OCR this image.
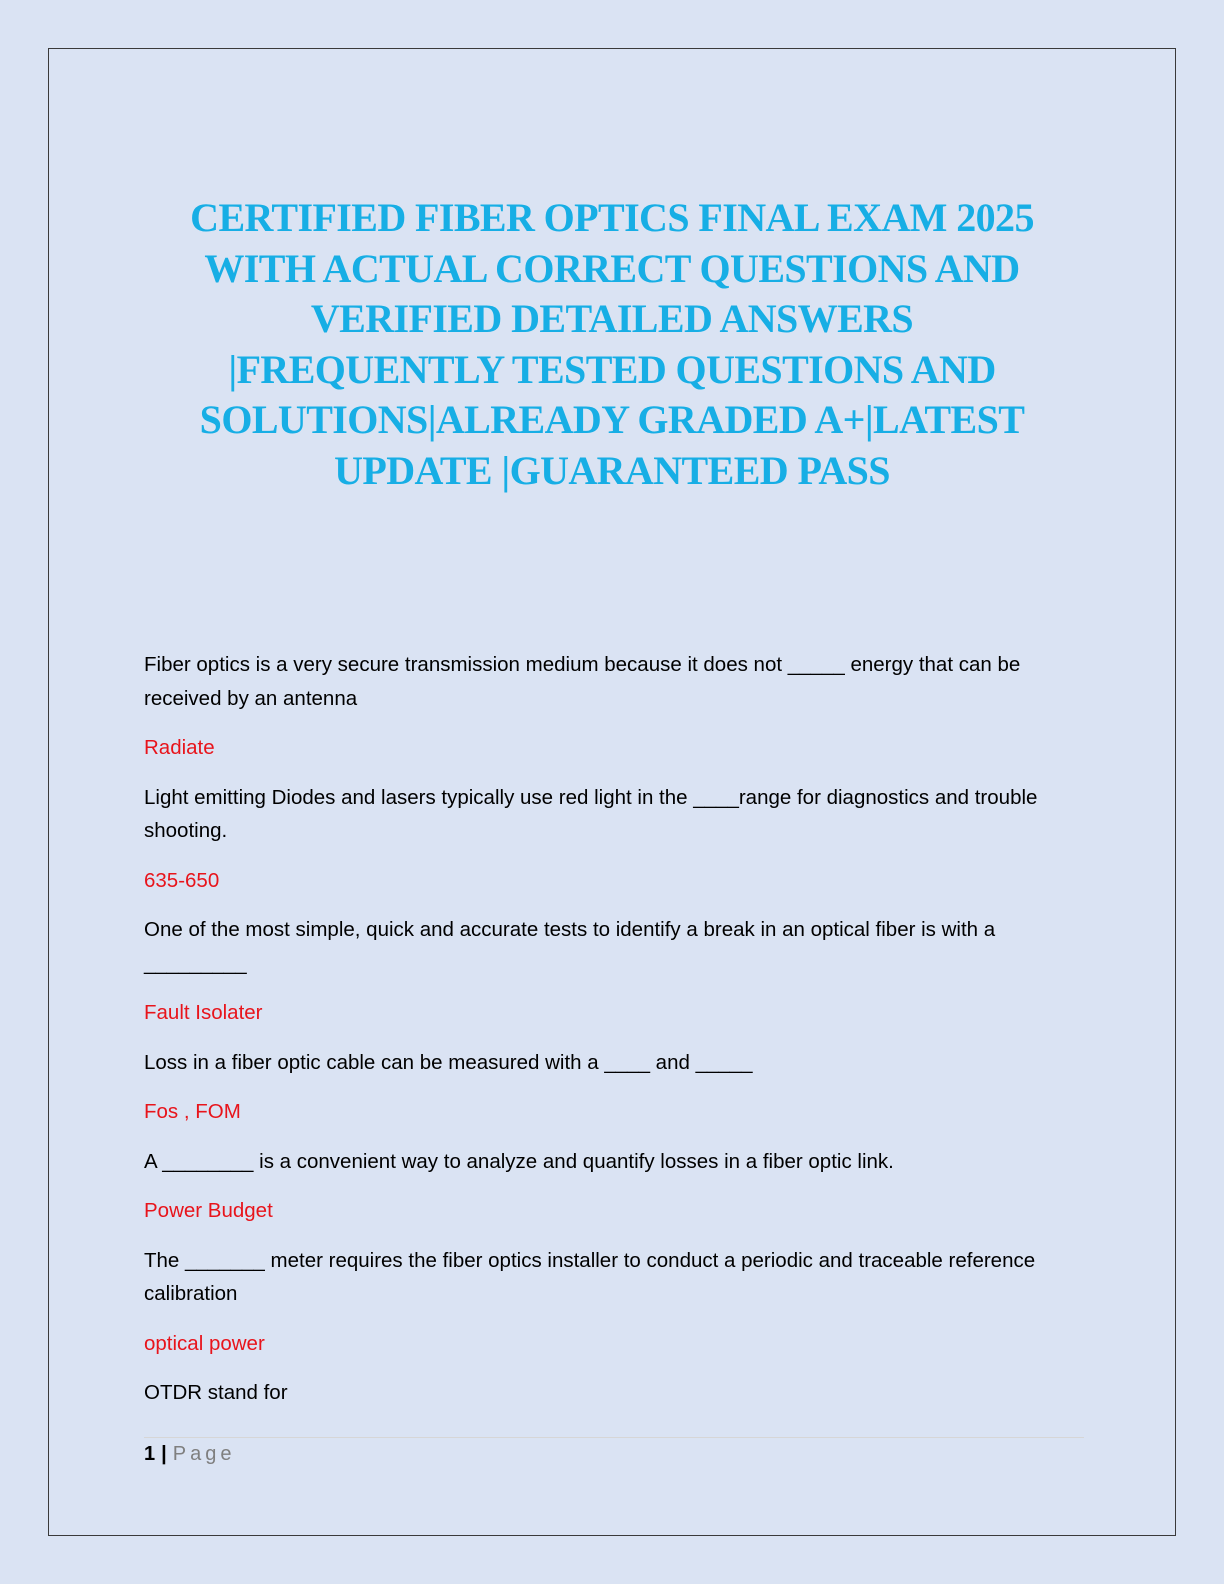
CERTIFIED FIBER OPTICS FINAL EXAM 2025
WITH ACTUAL CORRECT QUESTIONS AND
VERIFIED DETAILED ANSWERS
|FREQUENTLY TESTED QUESTIONS AND
SOLUTIONS|ALREADY GRADED A+|LATEST
UPDATE |GUARANTEED PASS

Fiber optics is a very secure transmission medium because it does not _____ energy that can be received by an antenna

Radiate

Light emitting Diodes and lasers typically use red light in the ____range for diagnostics and trouble shooting.

635-650

One of the most simple, quick and accurate tests to identify a break in an optical fiber is with a _________

Fault Isolater

Loss in a fiber optic cable can be measured with a ____ and _____

Fos , FOM

A ________ is a convenient way to analyze and quantify losses in a fiber optic link.

Power Budget

The _______ meter requires the fiber optics installer to conduct a periodic and traceable reference calibration

optical power

OTDR stand for

1 | Page
